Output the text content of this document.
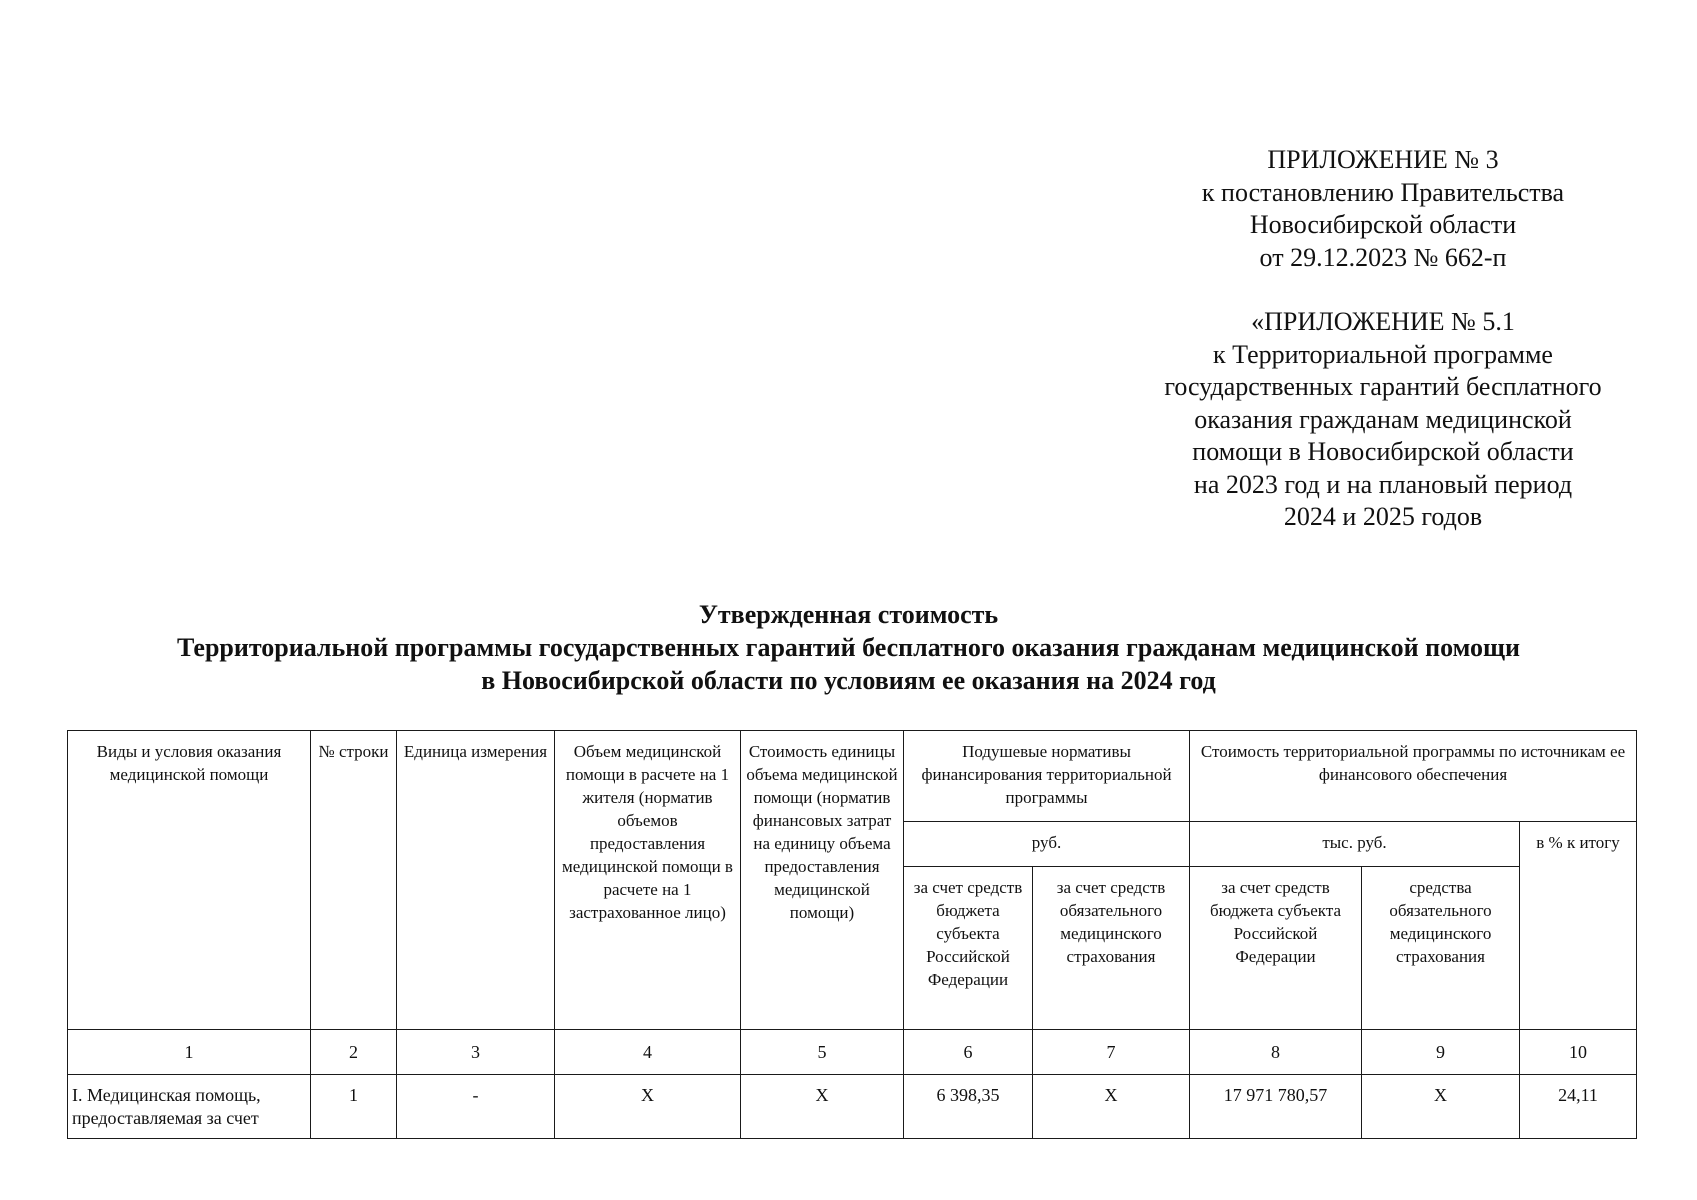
ПРИЛОЖЕНИЕ № 3
к постановлению Правительства
Новосибирской области
от 29.12.2023 № 662-п
«ПРИЛОЖЕНИЕ № 5.1
к Территориальной программе
государственных гарантий бесплатного
оказания гражданам медицинской
помощи в Новосибирской области
на 2023 год и на плановый период
2024 и 2025 годов
Утвержденная стоимость
Территориальной программы государственных гарантий бесплатного оказания гражданам медицинской помощи
в Новосибирской области по условиям ее оказания на 2024 год
Виды и условия оказания медицинской помощи	№ строки	Единица измерения	Объем медицинской помощи в расчете на 1 жителя (норматив объемов предоставления медицинской помощи в расчете на 1 застрахованное лицо)	Стоимость единицы объема медицинской помощи (норматив финансовых затрат на единицу объема предоставления медицинской помощи)	Подушевые нормативы финансирования территориальной программы		Стоимость территориальной программы по источникам ее финансового обеспечения		
					руб.		тыс. руб.		в % к итогу
					за счет средств бюджета субъекта Российской Федерации	за счет средств обязательного медицинского страхования	за счет средств бюджета субъекта Российской Федерации	средства обязательного медицинского страхования	
1	2	3	4	5	6	7	8	9	10
I. Медицинская помощь, предоставляемая за счет	1	-	Х	Х	6 398,35	Х	17 971 780,57	Х	24,11
